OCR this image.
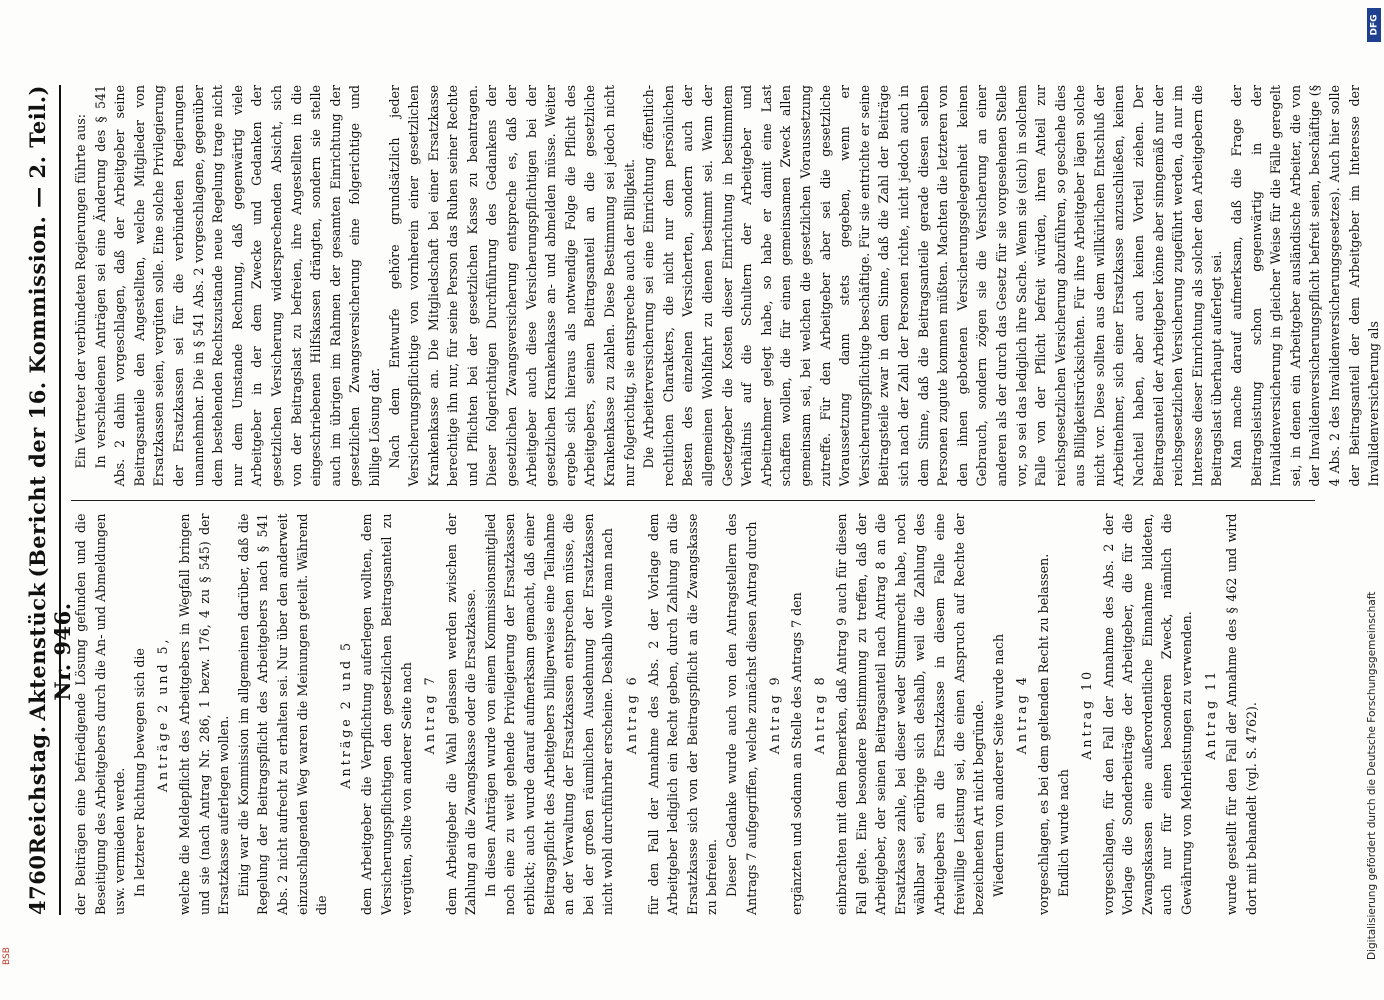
4760
Reichstag.
Aktenstück Nr. 946.
(Bericht der 16. Kommission. — 2. Teil.)

der Beiträgen eine befriedigende Lösung gefunden und die Beseitigung des Arbeitgebers durch die An- und Abmeldungen usw. vermieden werde. In letzterer Richtung bewegen sich die Anträge 2 und 5, welche die Meldepflicht des Arbeitgebers in Wegfall bringen und sie (nach Antrag Nr. 286, 1 bezw. 176, 4 zu § 545) der Ersatzkasse auferlegen wollen. Einig war die Kommission im allgemeinen darüber, daß die Regelung der Beitragspflicht des Arbeitgebers nach § 541 Abs. 2 nicht aufrecht zu erhalten sei. Nur über den anderweit einzuschlagenden Weg waren die Meinungen geteilt. Während die

Anträge 2 und 5 dem Arbeitgeber die Verpflichtung auferlegen wollten, dem Versicherungspflichtigen den gesetzlichen Beitragsanteil zu vergüten, sollte von anderer Seite nach Antrag 7 dem Arbeitgeber die Wahl gelassen werden zwischen der Zahlung an die Zwangskasse oder die Ersatzkasse. In diesen Anträgen wurde von einem Kommissionsmitglied noch eine zu weit gehende Privilegierung der Ersatzkassen erblickt; auch wurde darauf aufmerksam gemacht, daß einer Beitragspflicht des Arbeitgebers billigerweise eine Teilnahme an der Verwaltung der Ersatzkassen entsprechen müsse, die bei der großen räumlichen Ausdehnung der Ersatzkassen nicht wohl durchführbar erscheine. Deshalb wolle man nach Antrag 6 für den Fall der Annahme des Abs. 2 der Vorlage dem Arbeitgeber lediglich ein Recht geben, durch Zahlung an die Ersatzkasse sich von der Beitragspflicht an die Zwangskasse zu befreien. Dieser Gedanke wurde auch von den Antragstellern des Antrags 7 aufgegriffen, welche zunächst diesen Antrag durch Antrag 9 ergänzten und sodann an Stelle des Antrags 7 den Antrag 8 einbrachten mit dem Bemerken, daß Antrag 9 auch für diesen Fall gelte. Eine besondere Bestimmung zu treffen, daß der Arbeitgeber, der seinen Beitragsanteil nach Antrag 8 an die Ersatzkasse zahle, bei dieser weder Stimmrecht habe, noch wählbar sei, erübrige sich deshalb, weil die Zahlung des Arbeitgebers an die Ersatzkasse in diesem Falle eine freiwillige Leistung sei, die einen Anspruch auf Rechte der bezeichneten Art nicht begründe. Wiederum von anderer Seite wurde nach Antrag 4 vorgeschlagen, es bei dem geltenden Recht zu belassen. Endlich wurde nach

Antrag 10 vorgeschlagen, für den Fall der Annahme des Abs. 2 der Vorlage die Sonderbeiträge der Arbeitgeber, die für die Zwangskassen eine außerordentliche Einnahme bildeten, auch nur für einen besonderen Zweck, nämlich die Gewährung von Mehrleistungen zu verwenden. Antrag 11 wurde gestellt für den Fall der Annahme des § 462 und wird dort mit behandelt (vgl. S. 4762).

Ein Vertreter der verbündeten Regierungen führte aus: In verschiedenen Anträgen sei eine Änderung des § 541 Abs. 2 dahin vorgeschlagen, daß der Arbeitgeber seine Beitragsanteile den Angestellten, welche Mitglieder von Ersatzkassen seien, vergüten solle. Eine solche Privilegierung der Ersatzkassen sei für die verbündeten Regierungen unannehmbar. Die in § 541 Abs. 2 vorgeschlagene, gegenüber dem bestehenden Rechtszustande neue Regelung trage nicht nur dem Umstande Rechnung, daß gegenwärtig viele Arbeitgeber in der dem Zwecke und Gedanken der gesetzlichen Versicherung widersprechenden Absicht, sich von der Beitragslast zu befreien, ihre Angestellten in die eingeschriebenen Hilfskassen drängten, sondern sie stelle auch im übrigen im Rahmen der gesamten Einrichtung der gesetzlichen Zwangsversicherung eine folgerichtige und billige Lösung dar. Nach dem Entwurfe gehöre grundsätzlich jeder Versicherungspflichtige von vornherein einer gesetzlichen Krankenkasse an. Die Mitgliedschaft bei einer Ersatzkasse berechtige ihn nur, für seine Person das Ruhen seiner Rechte und Pflichten bei der gesetzlichen Kasse zu beantragen. Dieser folgerichtigen Durchführung des Gedankens der gesetzlichen Zwangsversicherung entspreche es, daß der Arbeitgeber auch diese Versicherungspflichtigen bei der gesetzlichen Krankenkasse an- und abmelden müsse. Weiter ergebe sich hieraus als notwendige Folge die Pflicht des Arbeitgebers, seinen Beitragsanteil an die gesetzliche Krankenkasse zu zahlen. Diese Bestimmung sei jedoch nicht nur folgerichtig, sie entspreche auch der Billigkeit. Die Arbeiterversicherung sei eine Einrichtung öffentlich-rechtlichen Charakters, die nicht nur dem persönlichen Besten des einzelnen Versicherten, sondern auch der allgemeinen Wohlfahrt zu dienen bestimmt sei. Wenn der Gesetzgeber die Kosten dieser Einrichtung in bestimmtem Verhältnis auf die Schultern der Arbeitgeber und Arbeitnehmer gelegt habe, so habe er damit eine Last schaffen wollen, die für einen gemeinsamen Zweck allen gemeinsam sei, bei welchen die gesetzlichen Voraussetzung zutreffe. Für den Arbeitgeber aber sei die gesetzliche Voraussetzung dann stets gegeben, wenn er Versicherungspflichtige beschäftige. Für sie entrichte er seine Beitragsteile zwar in dem Sinne, daß die Zahl der Beiträge sich nach der Zahl der Personen richte, nicht jedoch auch in dem Sinne, daß die Beitragsanteile gerade diesen selben Personen zugute kommen müßten. Machten die letzteren von den ihnen gebotenen Versicherungsgelegenheit keinen Gebrauch, sondern zögen sie die Versicherung an einer anderen als der durch das Gesetz für sie vorgesehenen Stelle vor, so sei das lediglich ihre Sache. Wenn sie (sich) in solchem Falle von der Pflicht befreit würden, ihren Anteil zur reichsgesetzlichen Versicherung abzuführen, so geschehe dies aus Billigkeitsrücksichten. Für ihre Arbeitgeber lägen solche nicht vor. Diese sollten aus dem willkürlichen Entschluß der Arbeitnehmer, sich einer Ersatzkasse anzuschließen, keinen Nachteil haben, aber auch keinen Vorteil ziehen. Der Beitragsanteil der Arbeitgeber könne aber sinngemäß nur der reichsgesetzlichen Versicherung zugeführt werden, da nur im Interesse dieser Einrichtung als solcher den Arbeitgebern die Beitragslast überhaupt auferlegt sei. Man mache darauf aufmerksam, daß die Frage der Beitragsleistung schon gegenwärtig in der Invalidenversicherung in gleicher Weise für die Fälle geregelt sei, in denen ein Arbeitgeber ausländische Arbeiter, die von der Invalidenversicherungspflicht befreit seien, beschäftige (§ 4 Abs. 2 des Invalidenversicherungsgesetzes). Auch hier solle der Beitragsanteil der dem Arbeitgeber im Interesse der Invalidenversicherung als

DFG
Digitalisierung gefördert durch die Deutsche Forschungsgemeinschaft
BSB
